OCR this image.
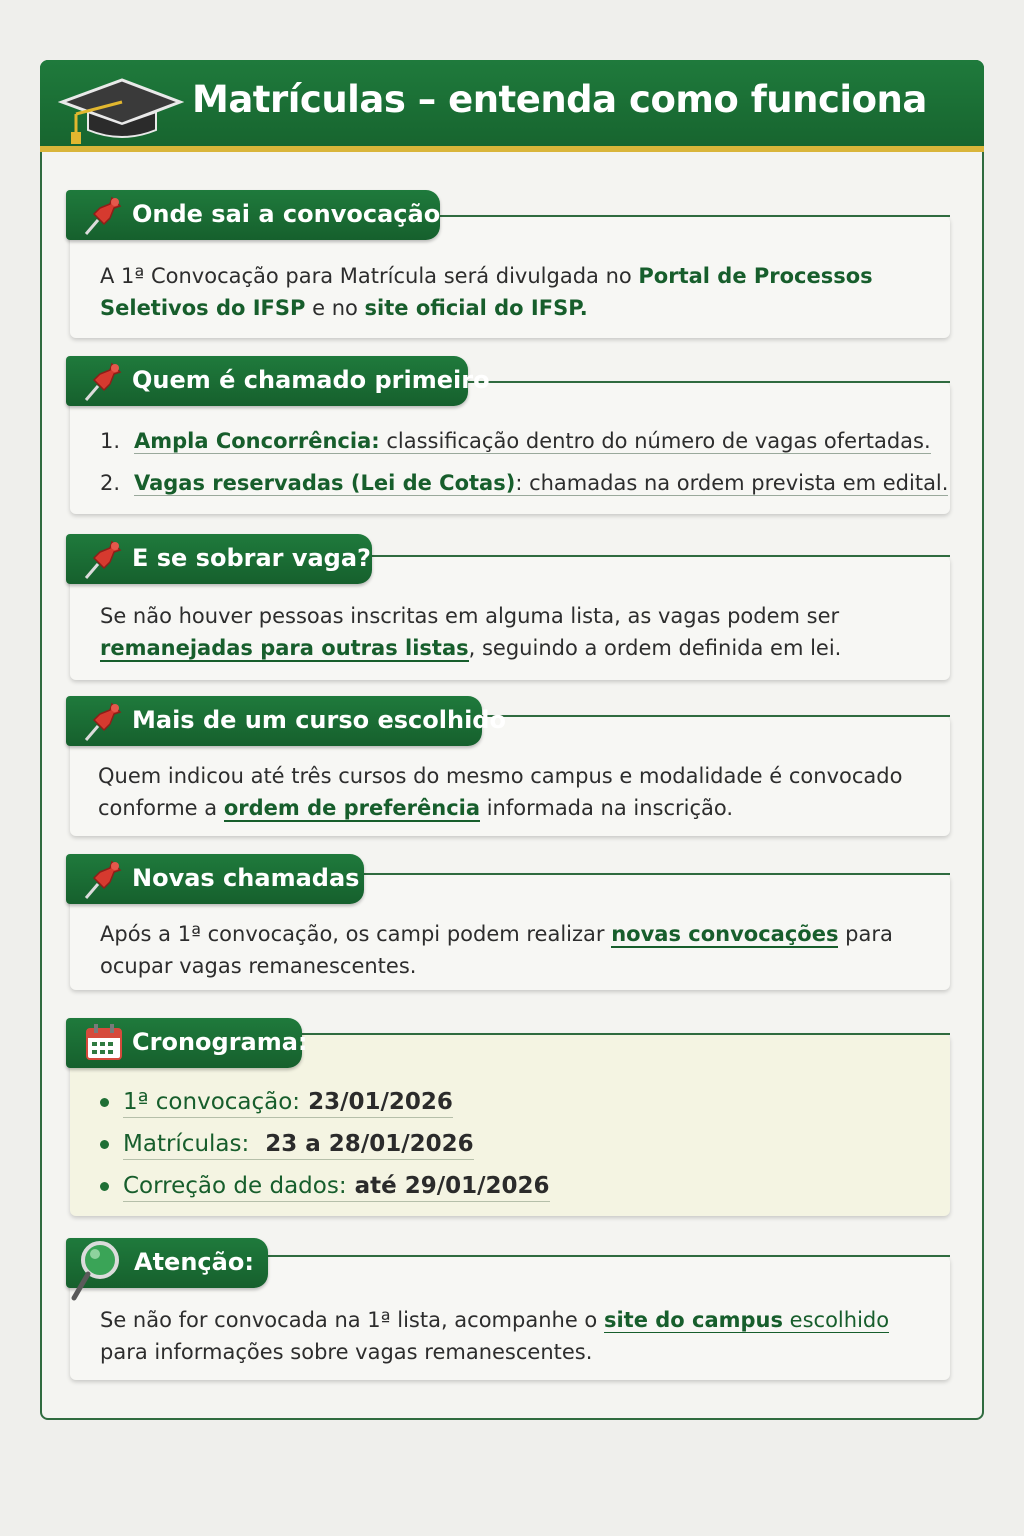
Matrículas – entenda como funciona
Onde sai a convocação
A 1ª Convocação para Matrícula será divulgada no Portal de Processos Seletivos do IFSP e no site oficial do IFSP.
Quem é chamado primeiro
1. Ampla Concorrência: classificação dentro do número de vagas ofertadas.
2. Vagas reservadas (Lei de Cotas): chamadas na ordem prevista em edital.
E se sobrar vaga?
Se não houver pessoas inscritas em alguma lista, as vagas podem ser remanejadas para outras listas, seguindo a ordem definida em lei.
Mais de um curso escolhido
Quem indicou até três cursos do mesmo campus e modalidade é convocado conforme a ordem de preferência informada na inscrição.
Novas chamadas
Após a 1ª convocação, os campi podem realizar novas convocações para ocupar vagas remanescentes.
Cronograma:
1ª convocação: 23/01/2026
Matrículas:  23 a 28/01/2026
Correção de dados: até 29/01/2026
Atenção:
Se não for convocada na 1ª lista, acompanhe o site do campus escolhido para informações sobre vagas remanescentes.
